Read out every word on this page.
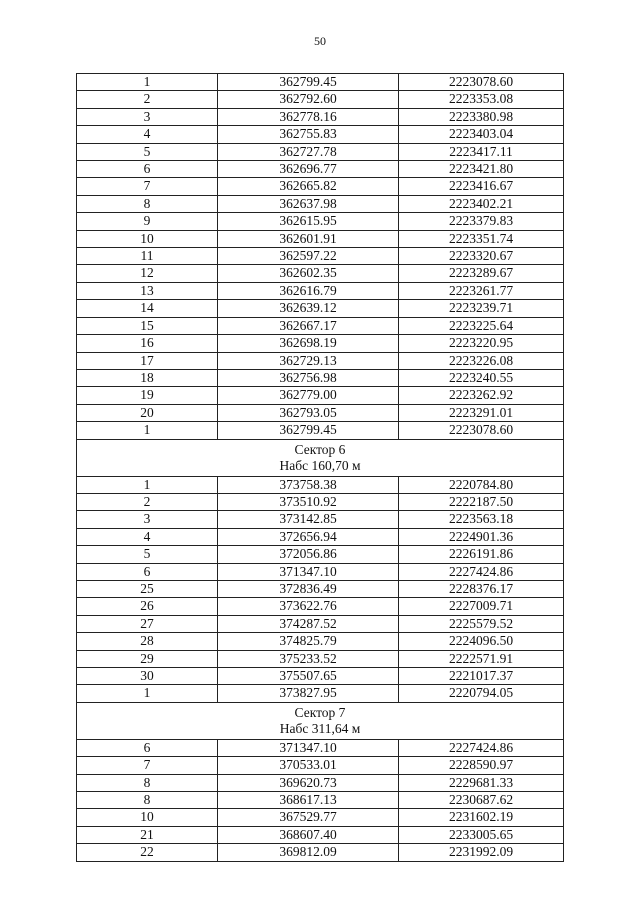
50
1	362799.45	2223078.60
2	362792.60	2223353.08
3	362778.16	2223380.98
4	362755.83	2223403.04
5	362727.78	2223417.11
6	362696.77	2223421.80
7	362665.82	2223416.67
8	362637.98	2223402.21
9	362615.95	2223379.83
10	362601.91	2223351.74
11	362597.22	2223320.67
12	362602.35	2223289.67
13	362616.79	2223261.77
14	362639.12	2223239.71
15	362667.17	2223225.64
16	362698.19	2223220.95
17	362729.13	2223226.08
18	362756.98	2223240.55
19	362779.00	2223262.92
20	362793.05	2223291.01
1	362799.45	2223078.60

Сектор 6
Набс 160,70 м		

1	373758.38	2220784.80
2	373510.92	2222187.50
3	373142.85	2223563.18
4	372656.94	2224901.36
5	372056.86	2226191.86
6	371347.10	2227424.86
25	372836.49	2228376.17
26	373622.76	2227009.71
27	374287.52	2225579.52
28	374825.79	2224096.50
29	375233.52	2222571.91
30	375507.65	2221017.37
1	373827.95	2220794.05

Сектор 7
Набс 311,64 м		

6	371347.10	2227424.86
7	370533.01	2228590.97
8	369620.73	2229681.33
8	368617.13	2230687.62
10	367529.77	2231602.19
21	368607.40	2233005.65
22	369812.09	2231992.09
